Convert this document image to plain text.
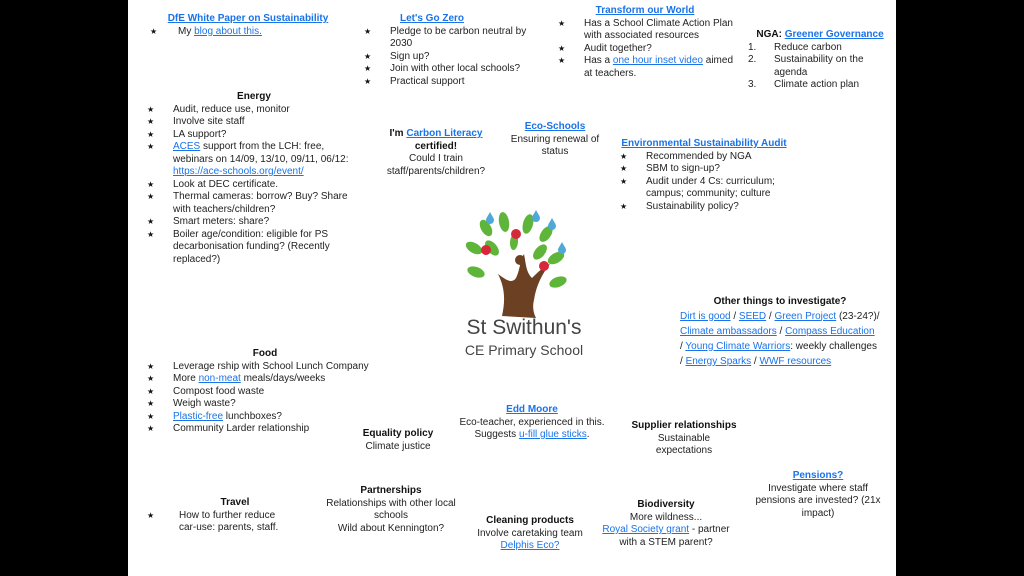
DfE White Paper on Sustainability
★ My blog about this.
Let's Go Zero
★ Pledge to be carbon neutral by 2030
★ Sign up?
★ Join with other local schools?
★ Practical support
Transform our World
★ Has a School Climate Action Plan with associated resources
★ Audit together?
★ Has a one hour inset video aimed at teachers.
NGA: Greener Governance
1. Reduce carbon
2. Sustainability on the agenda
3. Climate action plan
Energy
★ Audit, reduce use, monitor
★ Involve site staff
★ LA support?
★ ACES support from the LCH: free, webinars on 14/09, 13/10, 09/11, 06/12: https://ace-schools.org/event/
★ Look at DEC certificate.
★ Thermal cameras: borrow? Buy? Share with teachers/children?
★ Smart meters: share?
★ Boiler age/condition: eligible for PS decarbonisation funding? (Recently replaced?)
I'm Carbon Literacy
certified!
Could I train staff/parents/children?
Eco-Schools
Ensuring renewal of status
Environmental Sustainability Audit
★ Recommended by NGA
★ SBM to sign-up?
★ Audit under 4 Cs: curriculum; campus; community; culture
★ Sustainability policy?
St Swithun's
CE Primary School
Other things to investigate?
Dirt is good / SEED / Green Project (23-24?)/ Climate ambassadors / Compass Education / Young Climate Warriors: weekly challenges / Energy Sparks / WWF resources
Food
★ Leverage rship with School Lunch Company
★ More non-meat meals/days/weeks
★ Compost food waste
★ Weigh waste?
★ Plastic-free lunchboxes?
★ Community Larder relationship
Edd Moore
Eco-teacher, experienced in this.
Suggests u-fill glue sticks.
Equality policy
Climate justice
Supplier relationships
Sustainable expectations
Pensions?
Investigate where staff pensions are invested? (21x impact)
Travel
★ How to further reduce car-use: parents, staff.
Partnerships
Relationships with other local schools
Wild about Kennington?
Cleaning products
Involve caretaking team
Delphis Eco?
Biodiversity
More wildness...
Royal Society grant - partner with a STEM parent?
